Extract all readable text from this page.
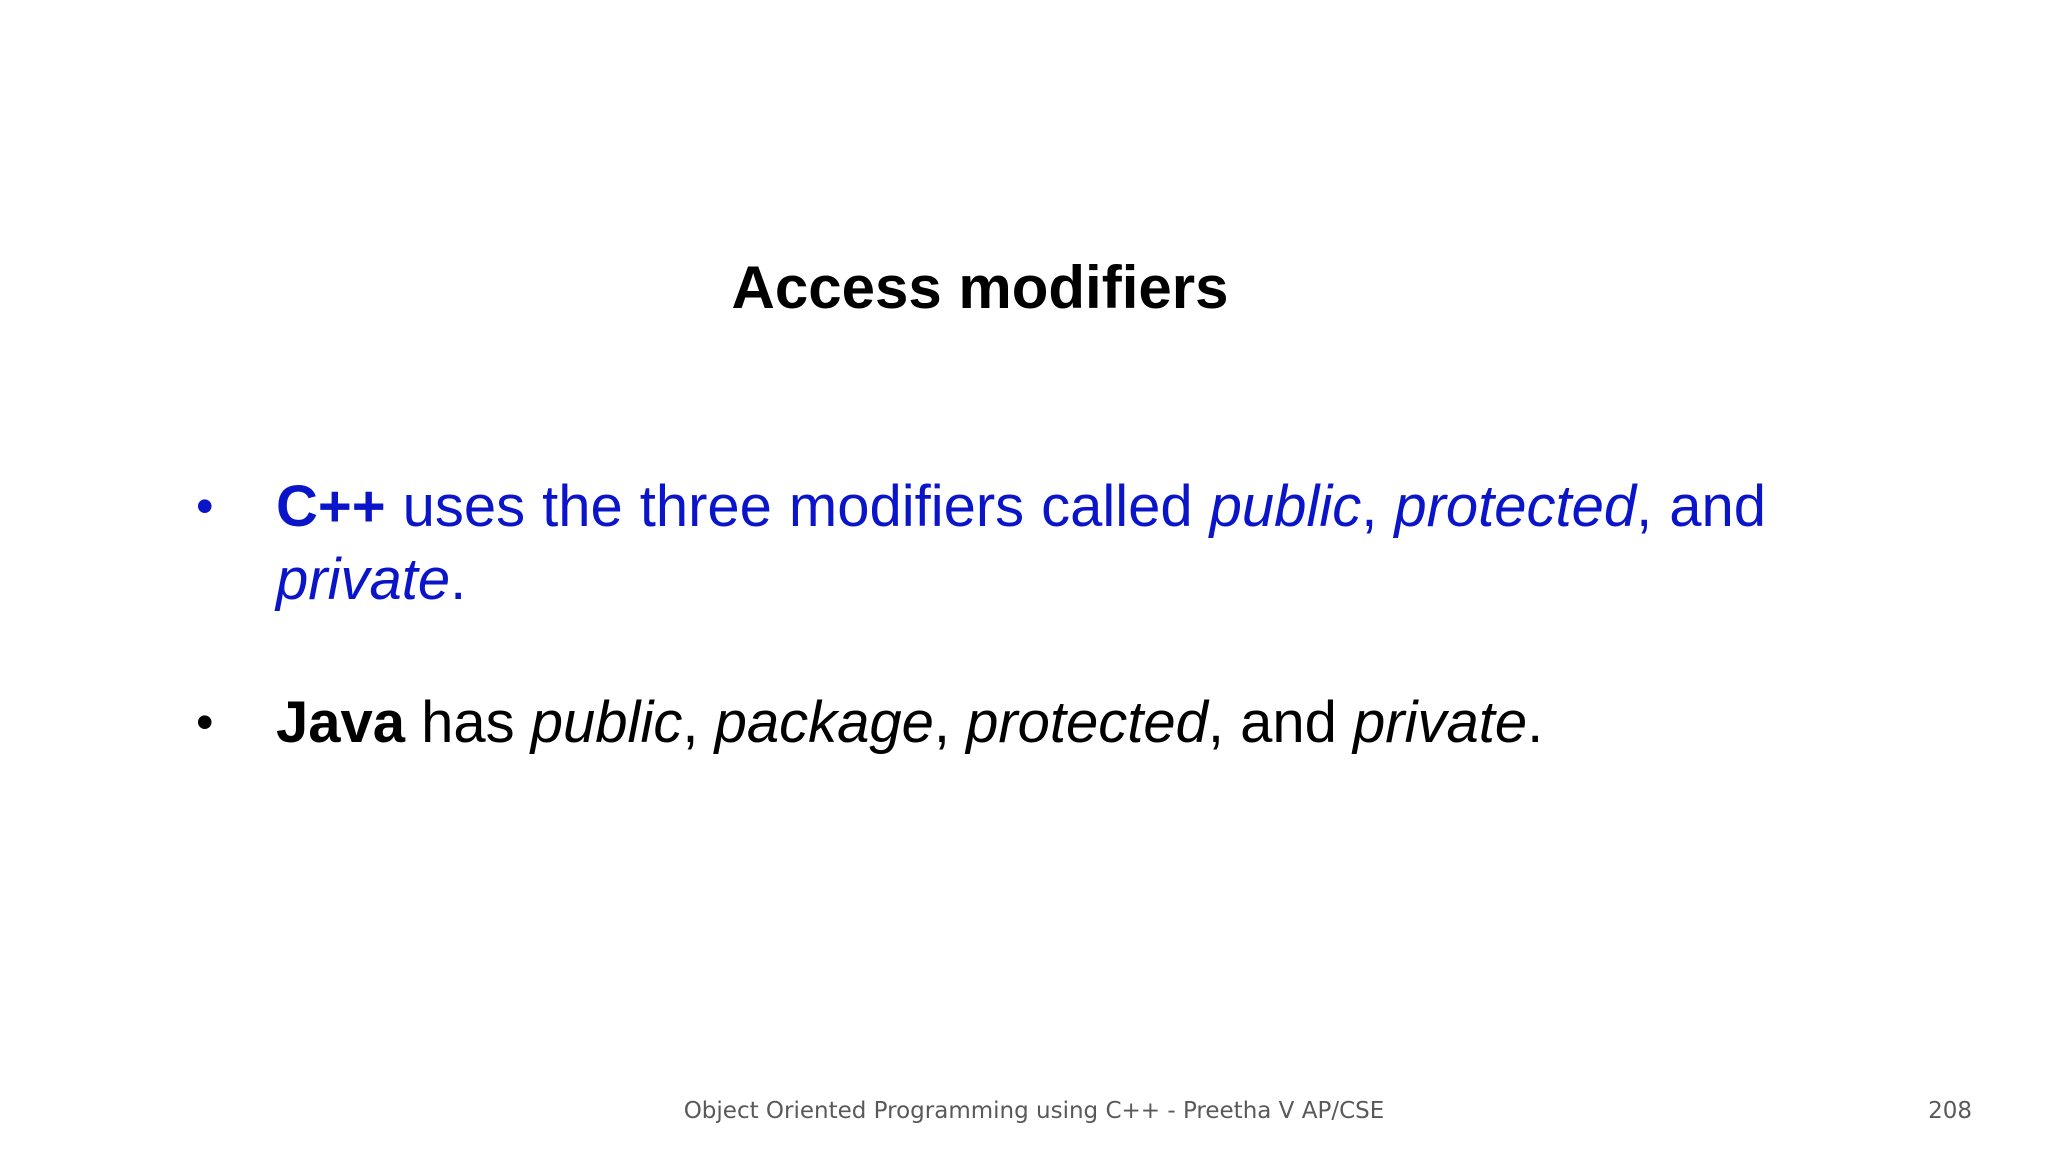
Access modifiers
• C++ uses the three modifiers called public, protected, and private.
• Java has public, package, protected, and private.
Object Oriented Programming using C++ - Preetha V AP/CSE	208
